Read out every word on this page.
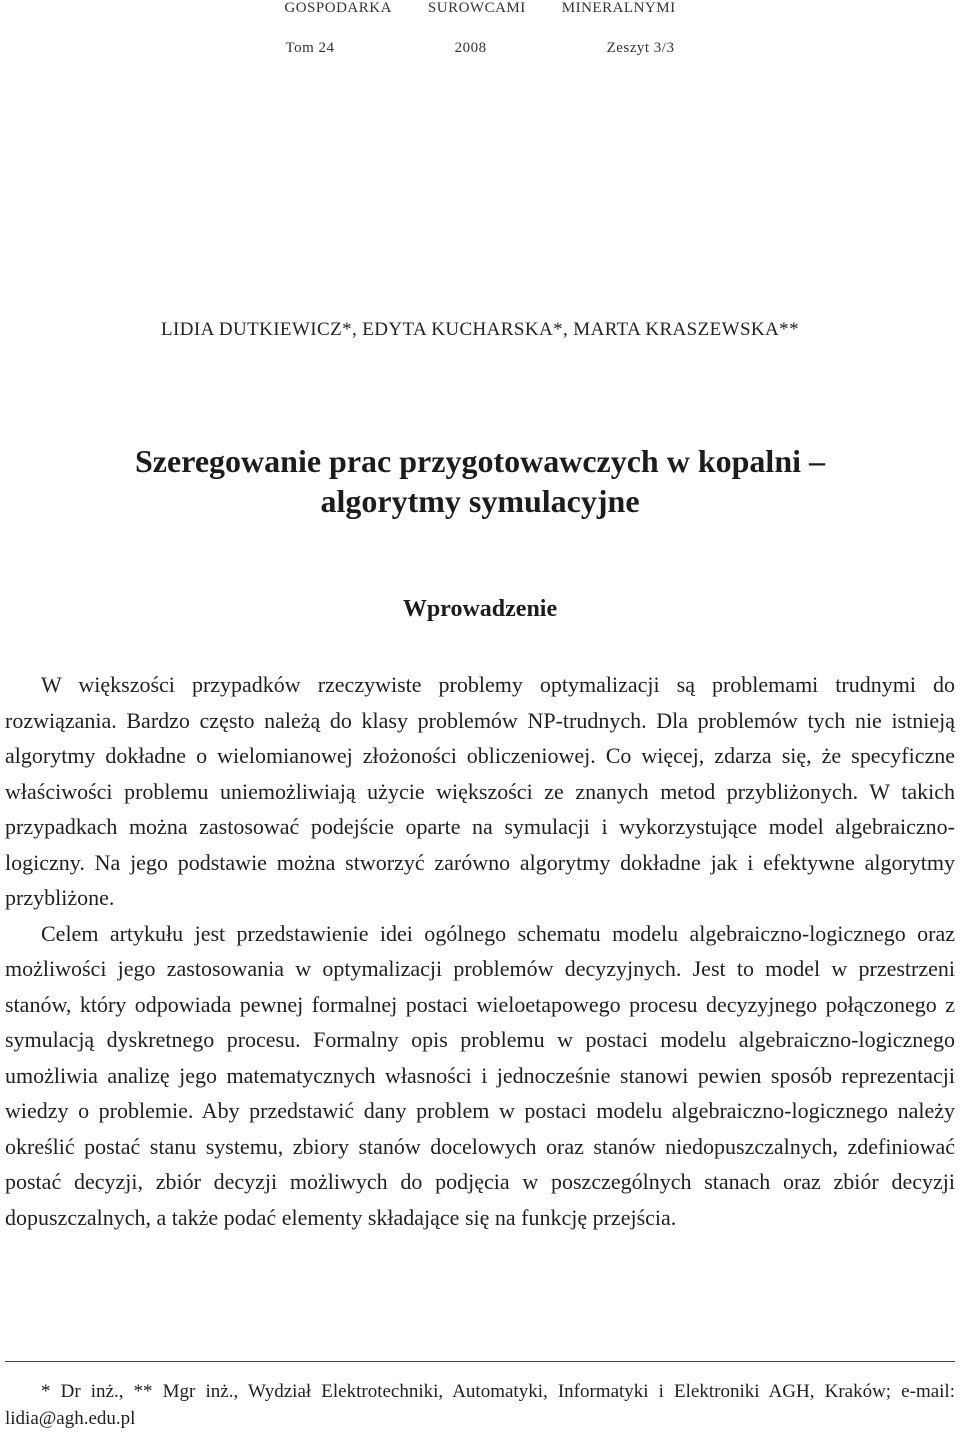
GOSPODARKA SUROWCAMI MINERALNYMI
Tom 24	2008	Zeszyt 3/3
LIDIA DUTKIEWICZ*, EDYTA KUCHARSKA*, MARTA KRASZEWSKA**
Szeregowanie prac przygotowawczych w kopalni –
algorytmy symulacyjne
Wprowadzenie

W większości przypadków rzeczywiste problemy optymalizacji są problemami trudnymi do rozwiązania. Bardzo często należą do klasy problemów NP-trudnych. Dla problemów tych nie istnieją algorytmy dokładne o wielomianowej złożoności obliczeniowej. Co więcej, zdarza się, że specyficzne właściwości problemu uniemożliwiają użycie większości ze znanych metod przybliżonych. W takich przypadkach można zastosować podejście oparte na symulacji i wykorzystujące model algebraiczno-logiczny. Na jego podstawie można stworzyć zarówno algorytmy dokładne jak i efektywne algorytmy przybliżone.

Celem artykułu jest przedstawienie idei ogólnego schematu modelu algebraiczno-logicznego oraz możliwości jego zastosowania w optymalizacji problemów decyzyjnych. Jest to model w przestrzeni stanów, który odpowiada pewnej formalnej postaci wieloetapowego procesu decyzyjnego połączonego z symulacją dyskretnego procesu. Formalny opis problemu w postaci modelu algebraiczno-logicznego umożliwia analizę jego matematycznych własności i jednocześnie stanowi pewien sposób reprezentacji wiedzy o problemie. Aby przedstawić dany problem w postaci modelu algebraiczno-logicznego należy określić postać stanu systemu, zbiory stanów docelowych oraz stanów niedopuszczalnych, zdefiniować postać decyzji, zbiór decyzji możliwych do podjęcia w poszczególnych stanach oraz zbiór decyzji dopuszczalnych, a także podać elementy składające się na funkcję przejścia.

* Dr inż., ** Mgr inż., Wydział Elektrotechniki, Automatyki, Informatyki i Elektroniki AGH, Kraków; e-mail: lidia@agh.edu.pl
